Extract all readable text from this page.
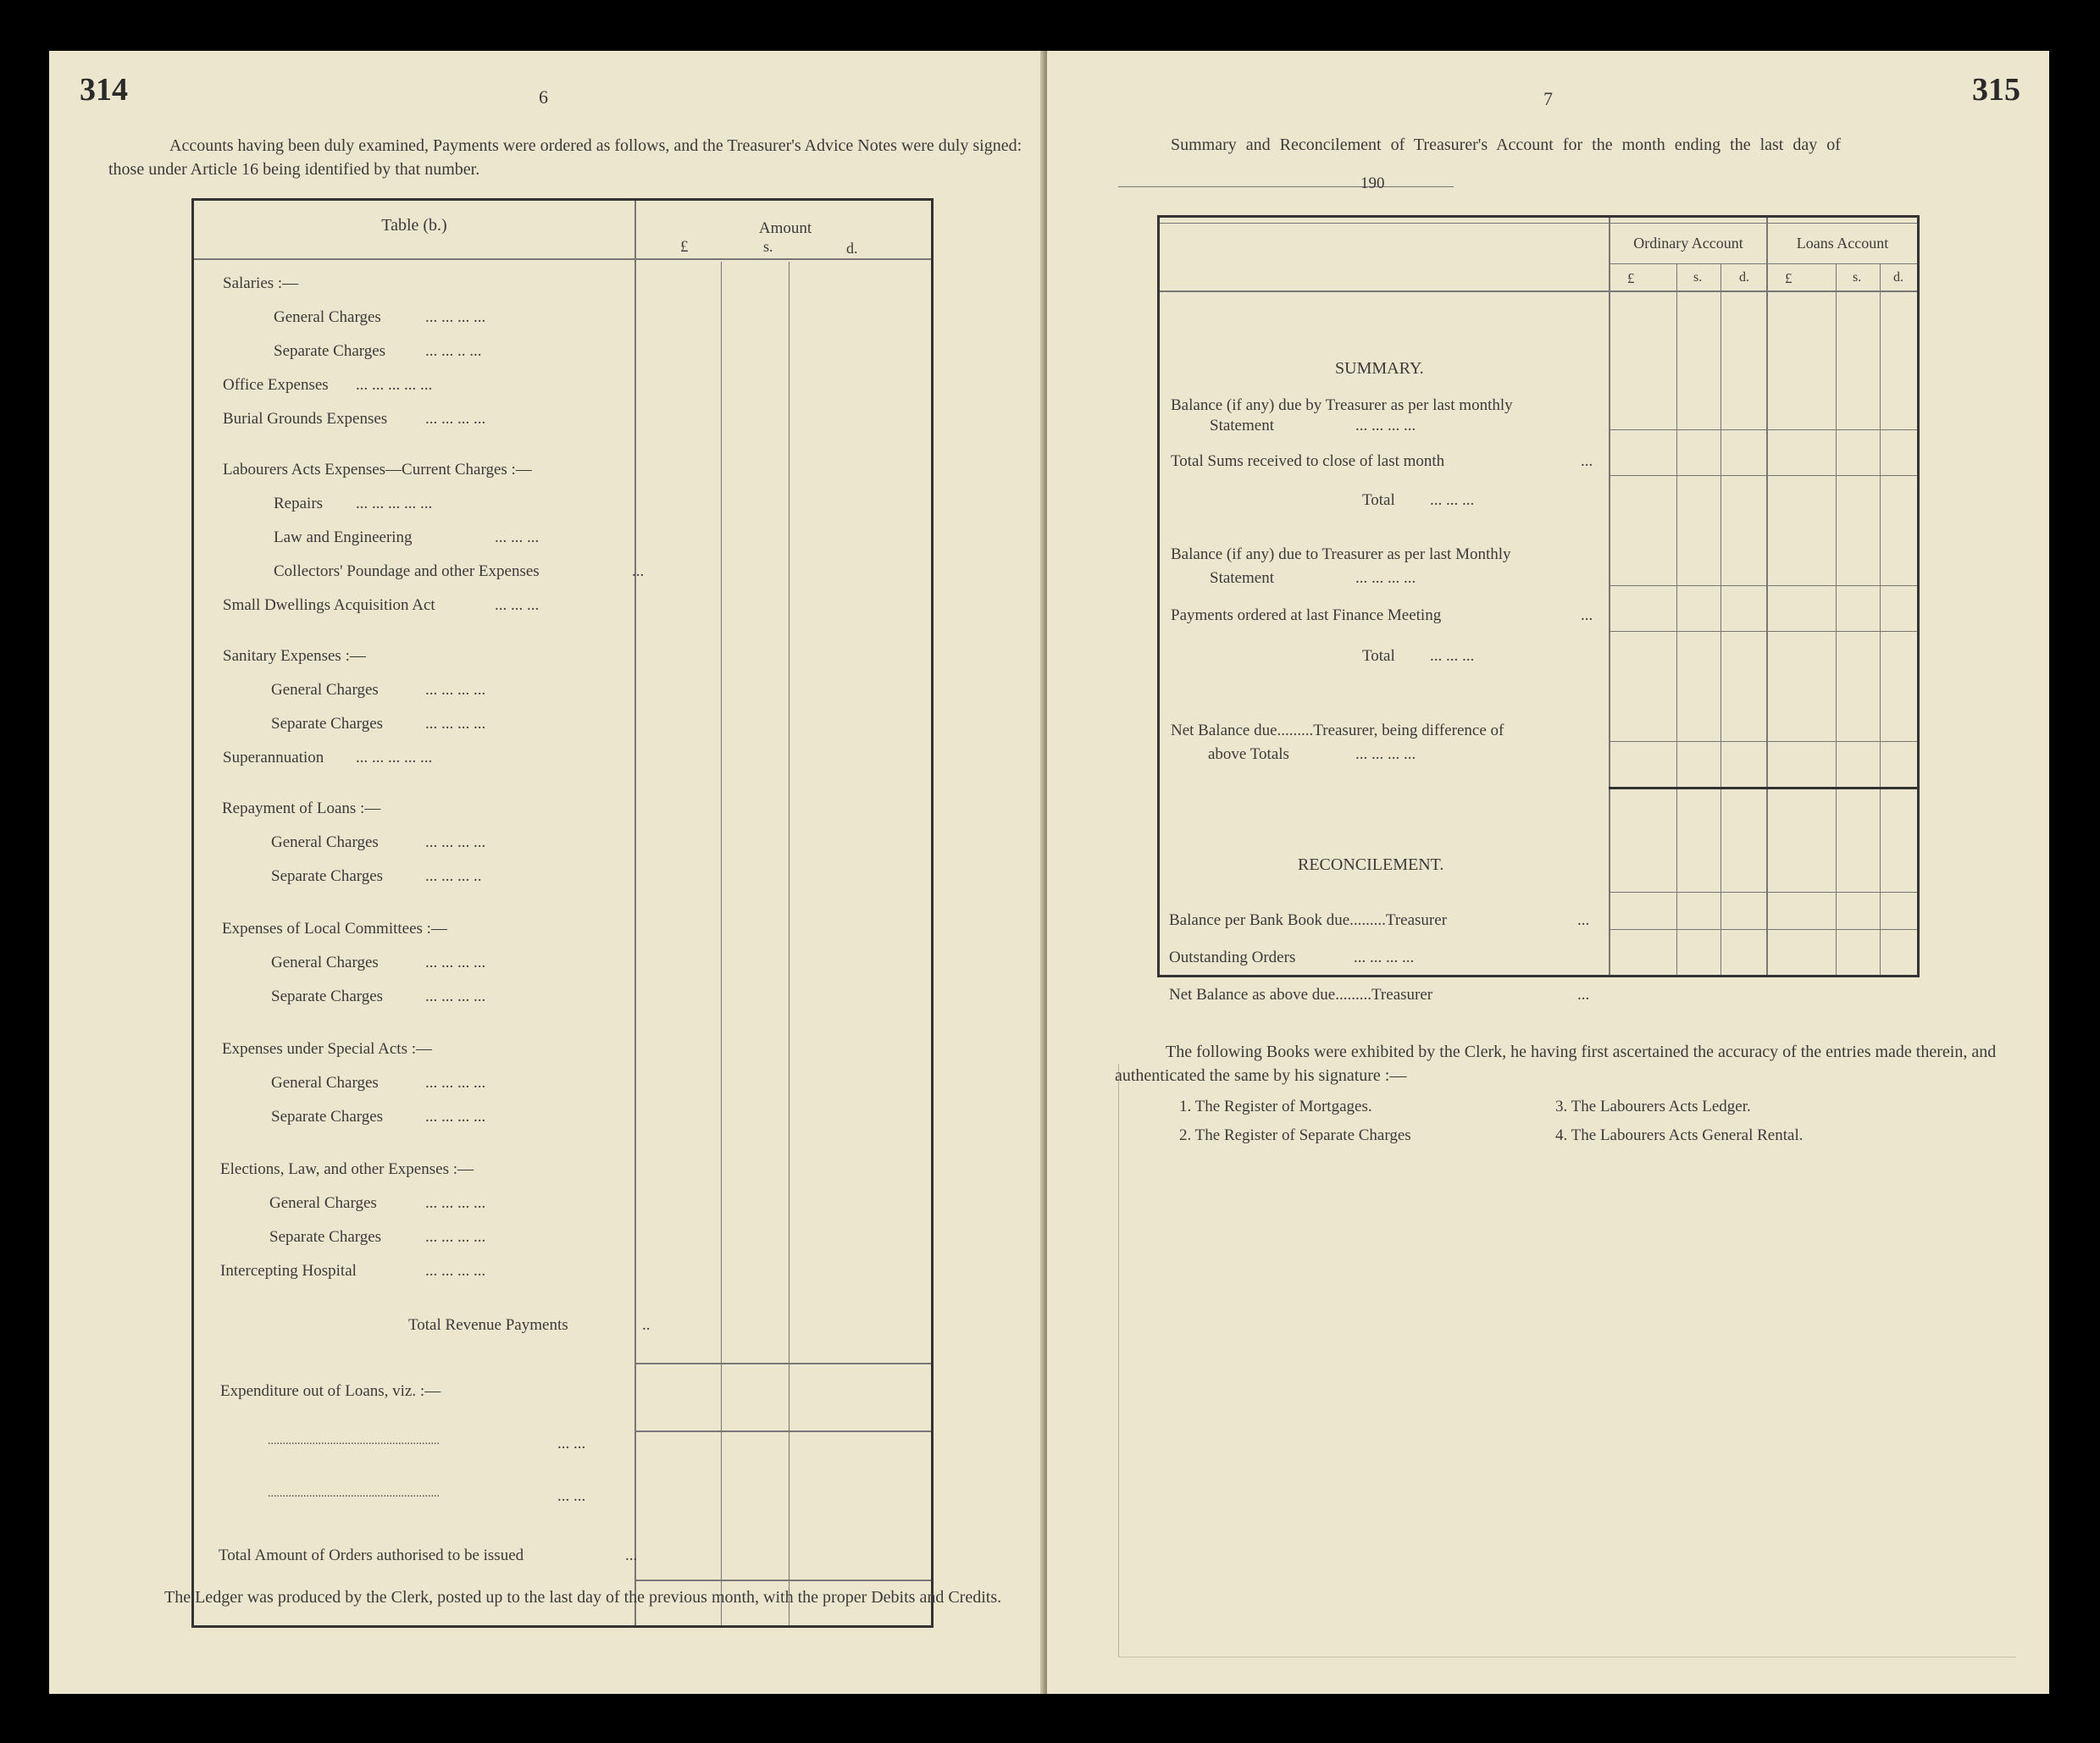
314	6
Accounts having been duly examined, Payments were ordered as follows, and the Treasurer's Advice Notes were duly signed: those under Article 16 being identified by that number.
Table (b.)	Amount
£	s.	d.
Salaries :—
General Charges	... ... ... ...
Separate Charges ... ... .. ...
Office Expenses ... ... ... ... ...
Burial Grounds Expenses ... ... ... ...
Labourers Acts Expenses—Current Charges :—
Repairs ... ... ... ... ...
Law and Engineering	... ... ...
Collectors' Poundage and other Expenses	...
Small Dwellings Acquisition Act	... ... ...
Sanitary Expenses :—
General Charges	... ... ... ...
Separate Charges	... ... ... ...
Superannuation ... ... ... ... ...
Repayment of Loans :—
General Charges	... ... ... ...
Separate Charges	... ... ... ..
Expenses of Local Committees :—
General Charges	... ... ... ...
Separate Charges	... ... ... ...
Expenses under Special Acts :—
General Charges	... ... ... ...
Separate Charges	... ... ... ...
Elections, Law, and other Expenses :—
General Charges	... ... ... ...
Separate Charges	... ... ... ...
Intercepting Hospital	... ... ... ...
Total Revenue Payments	..
Expenditure out of Loans, viz. :—
..........................................................	... ...
..........................................................	... ...
Total Amount of Orders authorised to be issued	...
The Ledger was produced by the Clerk, posted up to the last day of the previous month, with the proper Debits and Credits.
315
7
Summary and Reconcilement of Treasurer's Account for the month ending the last day of
190
Ordinary Account	Loans Account
£	s.	d. £	s. d.
SUMMARY.
Balance (if any) due by Treasurer as per last monthly
Statement	... ... ... ...
Total Sums received to close of last month	...
Total ... ... ...
Balance (if any) due to Treasurer as per last Monthly
Statement	... ... ... ...
Payments ordered at last Finance Meeting	...
Total ... ... ...
Net Balance due.........Treasurer, being difference of
above Totals	... ... ... ...
RECONCILEMENT.
Balance per Bank Book due.........Treasurer	...
Outstanding Orders	... ... ... ...
Net Balance as above due.........Treasurer	...
The following Books were exhibited by the Clerk, he having first ascertained the accuracy of the entries made therein, and authenticated the same by his signature :—
1. The Register of Mortgages.
2. The Register of Separate Charges
3. The Labourers Acts Ledger.
4. The Labourers Acts General Rental.
